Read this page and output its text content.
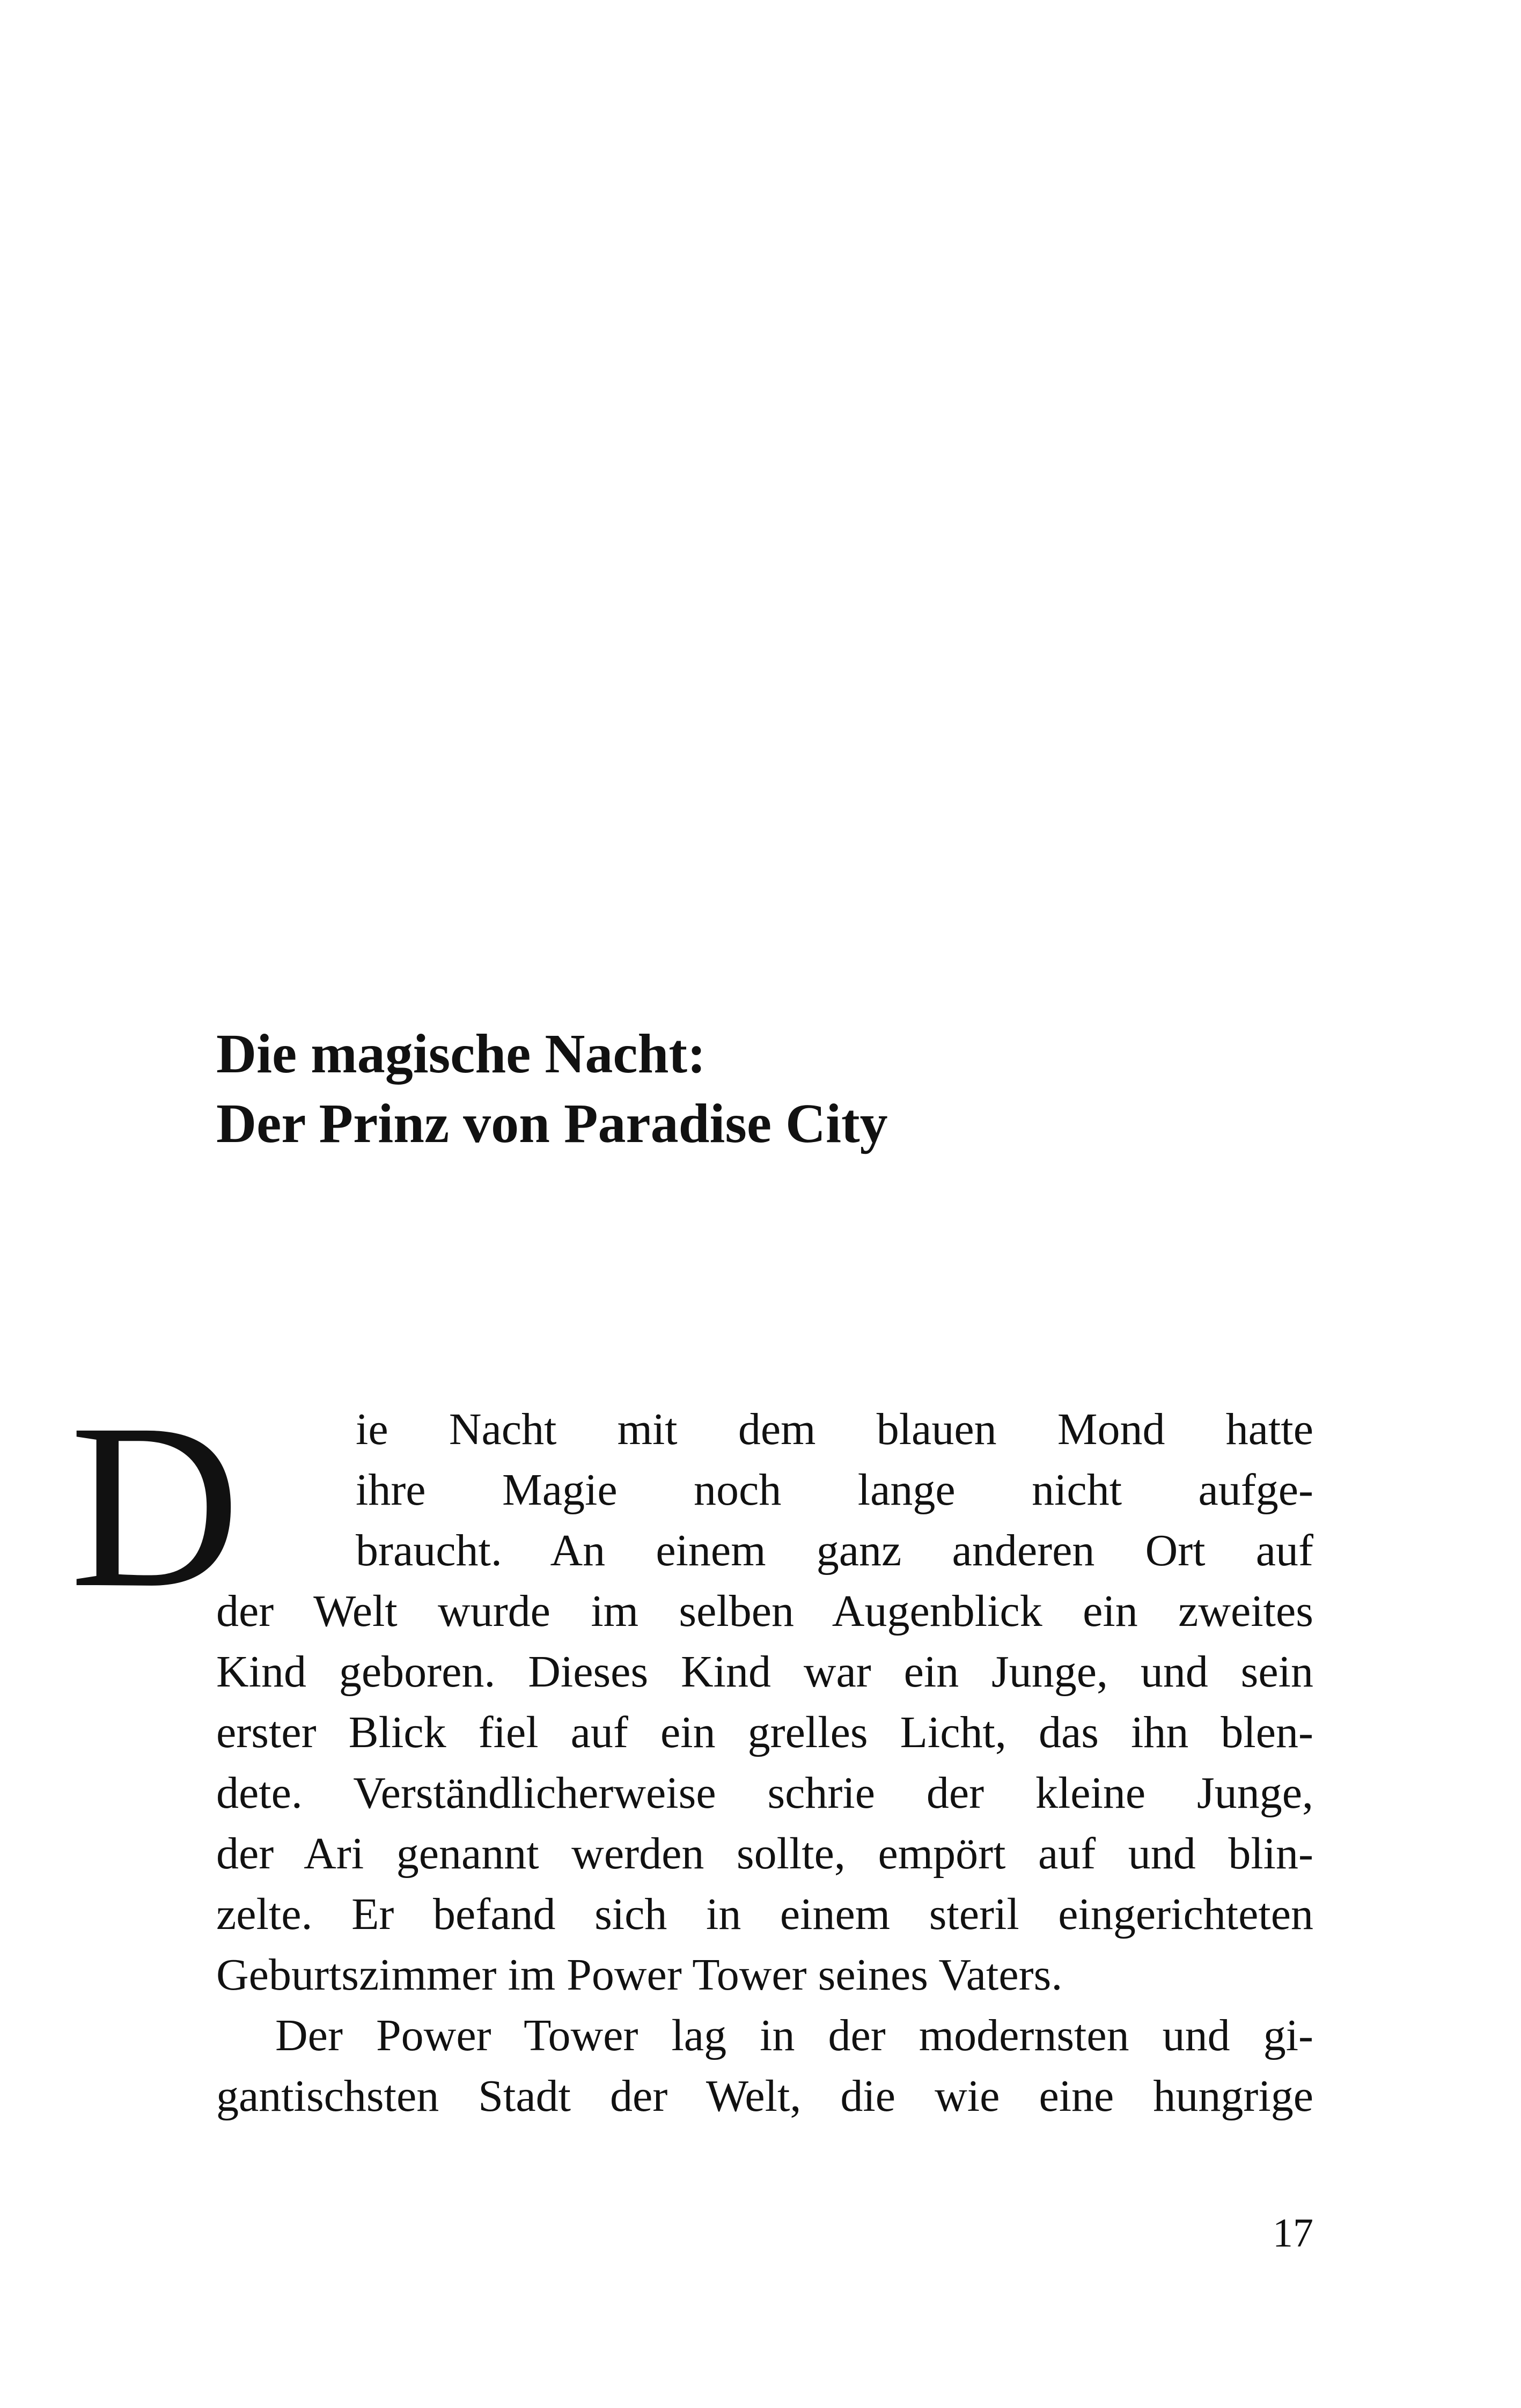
Die magische Nacht:
Der Prinz von Paradise City
D	ie Nacht mit dem blauen Mond hatte
ihre Magie noch lange nicht aufge-
braucht. An einem ganz anderen Ort auf
der Welt wurde im selben Augenblick ein zweites
Kind geboren. Dieses Kind war ein Junge, und sein
erster Blick fiel auf ein grelles Licht, das ihn blen-
dete. Verständlicherweise schrie der kleine Junge,
der Ari genannt werden sollte, empört auf und blin-
zelte. Er befand sich in einem steril eingerichteten
Geburtszimmer im Power Tower seines Vaters.
Der Power Tower lag in der modernsten und gi-
gantischsten Stadt der Welt, die wie eine hungrige
17
